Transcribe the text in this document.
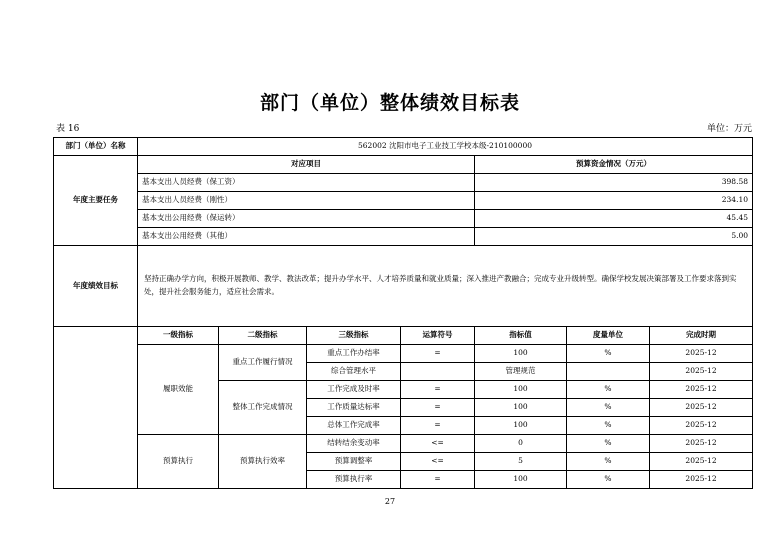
部门（单位）整体绩效目标表
表 16	单位：万元
部门（单位）名称	562002 沈阳市电子工业技工学校本级-210100000						
年度主要任务	对应项目				预算资金情况（万元）		
	基本支出人员经费（保工资）				398.58		
	基本支出人员经费（刚性）				234.10		
	基本支出公用经费（保运转）				45.45		
	基本支出公用经费（其他）				5.00		
年度绩效目标	坚持正确办学方向，积极开展教师、教学、教法改革；提升办学水平、人才培养质量和就业质量；深入推进产教融合；完成专业升级转型。确保学校发展决策部署及工作要求落到实处，提升社会服务能力，适应社会需求。						
	一级指标	二级指标	三级指标	运算符号	指标值	度量单位	完成时期
	履职效能	重点工作履行情况	重点工作办结率	=	100	%	2025-12
			综合管理水平		管理规范		2025-12
		整体工作完成情况	工作完成及时率	=	100	%	2025-12
			工作质量达标率	=	100	%	2025-12
			总体工作完成率	=	100	%	2025-12
	预算执行	预算执行效率	结转结余变动率	<=	0	%	2025-12
			预算调整率	<=	5	%	2025-12
			预算执行率	=	100	%	2025-12
27
